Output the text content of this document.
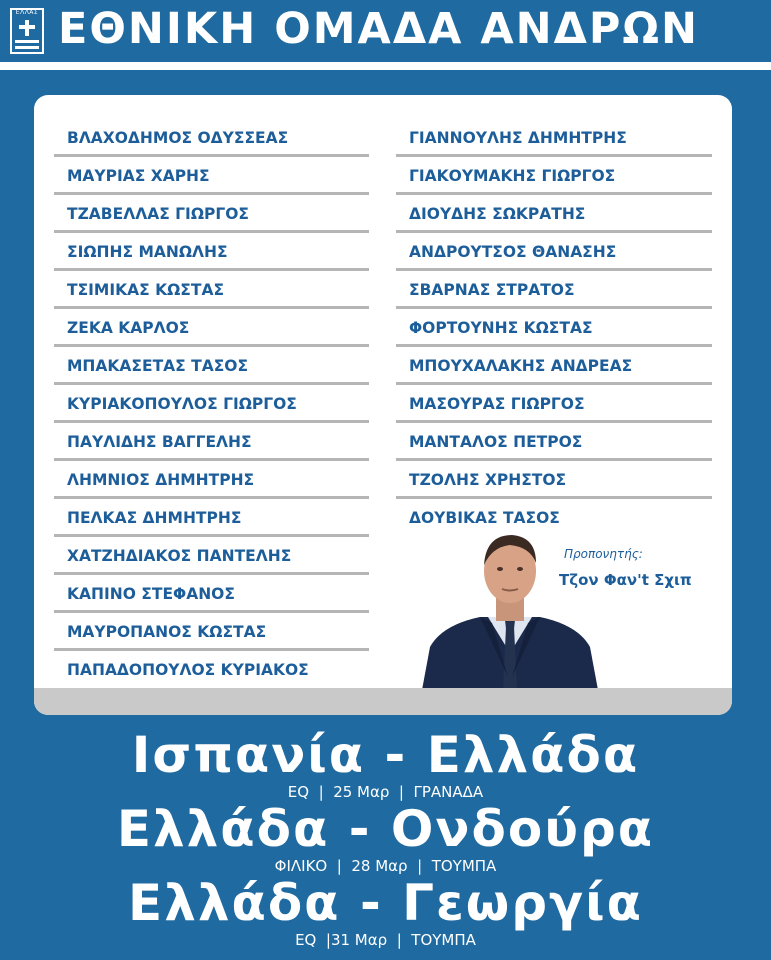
ΕΛΛΑΣ ΕΘΝΙΚΗ ΟΜΑΔΑ ΑΝΔΡΩΝ
ΒΛΑΧΟΔΗΜΟΣ ΟΔΥΣΣΕΑΣ
ΜΑΥΡΙΑΣ ΧΑΡΗΣ
ΤΖΑΒΕΛΛΑΣ ΓΙΩΡΓΟΣ
ΣΙΩΠΗΣ ΜΑΝΩΛΗΣ
ΤΣΙΜΙΚΑΣ ΚΩΣΤΑΣ
ΖΕΚΑ ΚΑΡΛΟΣ
ΜΠΑΚΑΣΕΤΑΣ ΤΑΣΟΣ
ΚΥΡΙΑΚΟΠΟΥΛΟΣ ΓΙΩΡΓΟΣ
ΠΑΥΛΙΔΗΣ ΒΑΓΓΕΛΗΣ
ΛΗΜΝΙΟΣ ΔΗΜΗΤΡΗΣ
ΠΕΛΚΑΣ ΔΗΜΗΤΡΗΣ
ΧΑΤΖΗΔΙΑΚΟΣ ΠΑΝΤΕΛΗΣ
ΚΑΠΙΝΟ ΣΤΕΦΑΝΟΣ
ΜΑΥΡΟΠΑΝΟΣ ΚΩΣΤΑΣ
ΠΑΠΑΔΟΠΟΥΛΟΣ ΚΥΡΙΑΚΟΣ
ΓΙΑΝΝΟΥΛΗΣ ΔΗΜΗΤΡΗΣ
ΓΙΑΚΟΥΜΑΚΗΣ ΓΙΩΡΓΟΣ
ΔΙΟΥΔΗΣ ΣΩΚΡΑΤΗΣ
ΑΝΔΡΟΥΤΣΟΣ ΘΑΝΑΣΗΣ
ΣΒΑΡΝΑΣ ΣΤΡΑΤΟΣ
ΦΟΡΤΟΥΝΗΣ ΚΩΣΤΑΣ
ΜΠΟΥΧΑΛΑΚΗΣ ΑΝΔΡΕΑΣ
ΜΑΣΟΥΡΑΣ ΓΙΩΡΓΟΣ
ΜΑΝΤΑΛΟΣ ΠΕΤΡΟΣ
ΤΖΟΛΗΣ ΧΡΗΣΤΟΣ
ΔΟΥΒΙΚΑΣ ΤΑΣΟΣ
Προπονητής:
Τζον Φαν't Σχιπ
Ισπανία - Ελλάδα
EQ  |  25 Μαρ  |  ΓΡΑΝΑΔΑ
Ελλάδα - Ονδούρα
ΦΙΛΙΚΟ  |  28 Μαρ  |  ΤΟΥΜΠΑ
Ελλάδα - Γεωργία
EQ  |31 Μαρ  |  ΤΟΥΜΠΑ
